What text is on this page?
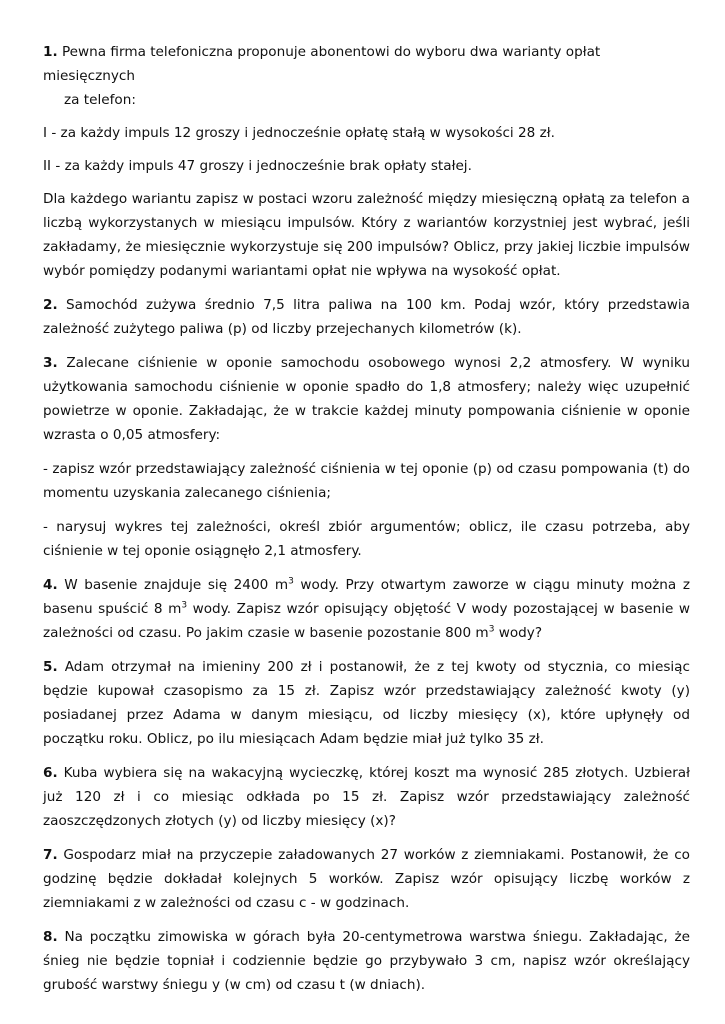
1. Pewna firma telefoniczna proponuje abonentowi do wyboru dwa warianty opłat miesięcznych
za telefon:

I - za każdy impuls 12 groszy i jednocześnie opłatę stałą w wysokości 28 zł.

II - za każdy impuls 47 groszy i jednocześnie brak opłaty stałej.

Dla każdego wariantu zapisz w postaci wzoru zależność między miesięczną opłatą za telefon a liczbą wykorzystanych w miesiącu impulsów. Który z wariantów korzystniej jest wybrać, jeśli zakładamy, że miesięcznie wykorzystuje się 200 impulsów? Oblicz, przy jakiej liczbie impulsów wybór pomiędzy podanymi wariantami opłat nie wpływa na wysokość opłat.

2. Samochód zużywa średnio 7,5 litra paliwa na 100 km. Podaj wzór, który przedstawia zależność zużytego paliwa (p) od liczby przejechanych kilometrów (k).

3. Zalecane ciśnienie w oponie samochodu osobowego wynosi 2,2 atmosfery. W wyniku użytkowania samochodu ciśnienie w oponie spadło do 1,8 atmosfery; należy więc uzupełnić powietrze w oponie. Zakładając, że w trakcie każdej minuty pompowania ciśnienie w oponie wzrasta o 0,05 atmosfery:

- zapisz wzór przedstawiający zależność ciśnienia w tej oponie (p) od czasu pompowania (t) do momentu uzyskania zalecanego ciśnienia;

- narysuj wykres tej zależności, określ zbiór argumentów; oblicz, ile czasu potrzeba, aby ciśnienie w tej oponie osiągnęło 2,1 atmosfery.

4. W basenie znajduje się 2400 $m^3$ wody. Przy otwartym zaworze w ciągu minuty można z basenu spuścić 8 $m^3$ wody. Zapisz wzór opisujący objętość V wody pozostającej w basenie w zależności od czasu. Po jakim czasie w basenie pozostanie 800 $m^3$ wody?

5. Adam otrzymał na imieniny 200 zł i postanowił, że z tej kwoty od stycznia, co miesiąc będzie kupował czasopismo za 15 zł. Zapisz wzór przedstawiający zależność kwoty (y) posiadanej przez Adama w danym miesiącu, od liczby miesięcy (x), które upłynęły od początku roku. Oblicz, po ilu miesiącach Adam będzie miał już tylko 35 zł.

6. Kuba wybiera się na wakacyjną wycieczkę, której koszt ma wynosić 285 złotych. Uzbierał już 120 zł i co miesiąc odkłada po 15 zł. Zapisz wzór przedstawiający zależność zaoszczędzonych złotych (y) od liczby miesięcy (x)?

7. Gospodarz miał na przyczepie załadowanych 27 worków z ziemniakami. Postanowił, że co godzinę będzie dokładał kolejnych 5 worków. Zapisz wzór opisujący liczbę worków z ziemniakami z w zależności od czasu c - w godzinach.

8. Na początku zimowiska w górach była 20-centymetrowa warstwa śniegu. Zakładając, że śnieg nie będzie topniał i codziennie będzie go przybywało 3 cm, napisz wzór określający grubość warstwy śniegu y (w cm) od czasu t (w dniach).
